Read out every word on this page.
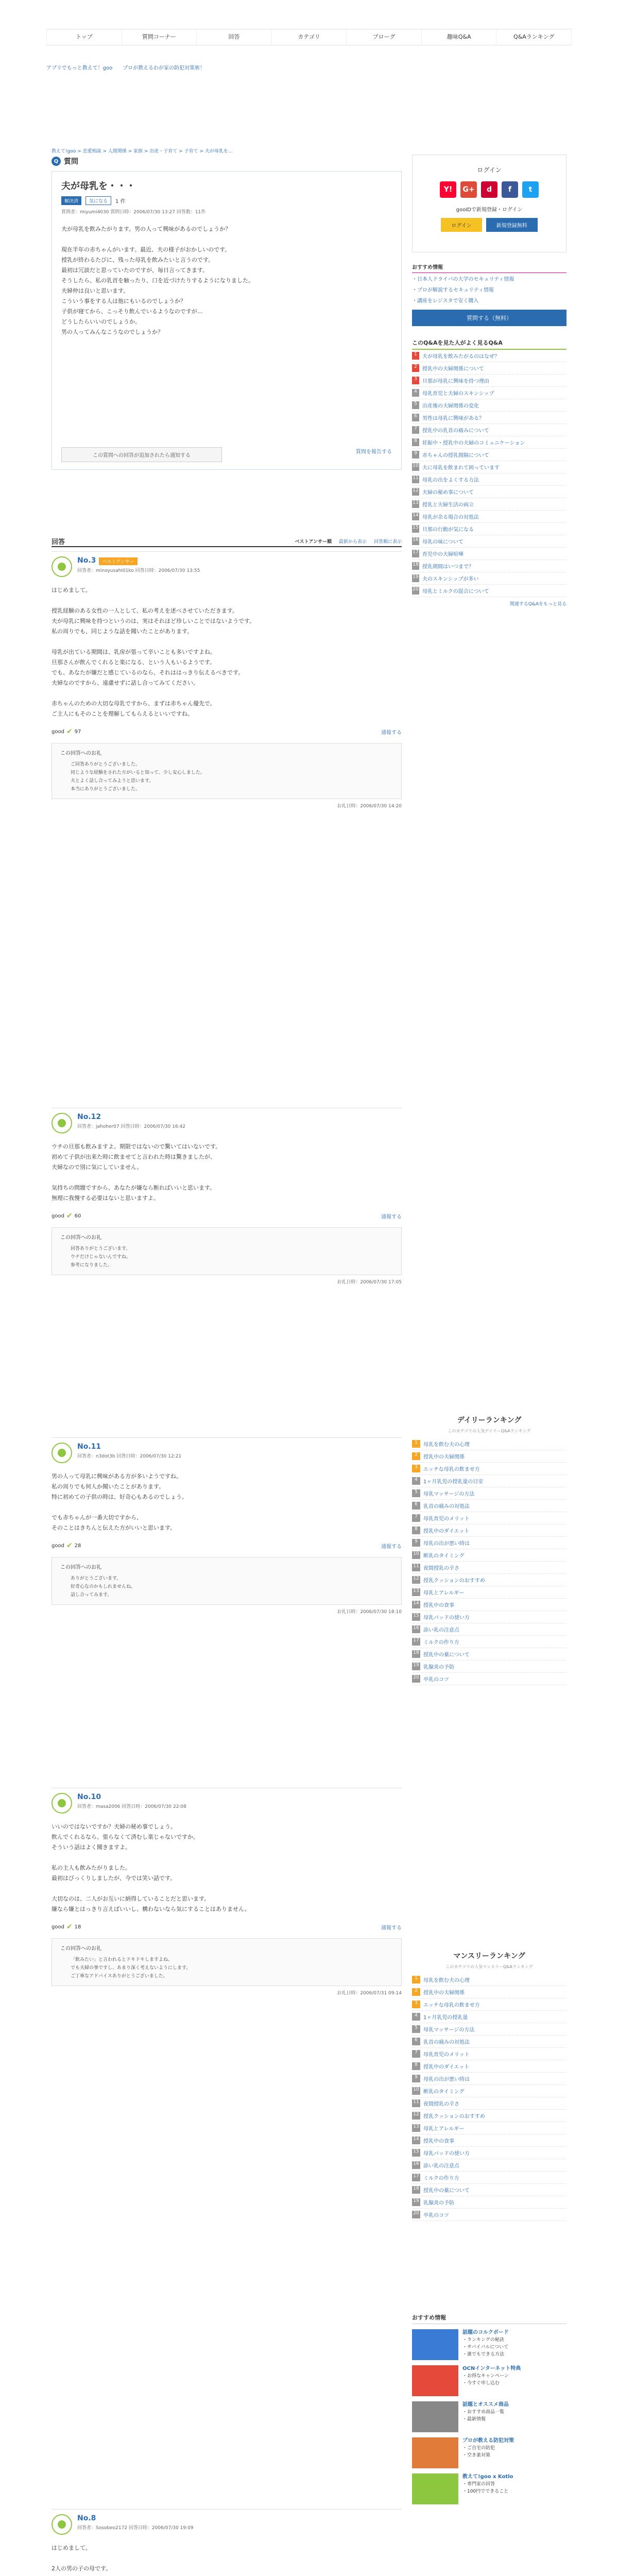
トップ	質問コーナー	回答	カテゴリ	ブローグ	趣味Q&A	Q&Aランキング
アプリでもっと教えて！goo プロが教えるわが家の防犯対策術！
教えて!goo > 恋愛相談 > 人間関係 > 家族 > 出産・子育て > 子育て > 夫が母乳を…
Q 質問
夫が母乳を・・・
解決済	気になる	1 件
質問者：miyumi4030 質問日時：2006/07/30 13:27 回答数：11件
夫が母乳を飲みたがります。男の人って興味があるのでしょうか？

現在半年の赤ちゃんがいます。最近、夫の様子がおかしいのです。
授乳が終わるたびに、残った母乳を飲みたいと言うのです。
最初は冗談だと思っていたのですが、毎日言ってきます。
そうしたら、私の乳首を触ったり、口を近づけたりするようになりました。
夫婦仲は良いと思います。
こういう事をする人は他にもいるのでしょうか？
子供が寝てから、こっそり飲んでいるようなのですが…
どうしたらいいのでしょうか。
男の人ってみんなこうなのでしょうか？
この質問への回答が追加されたら通知する
質問を報告する
回答	ベストアンサー順 最新から表示 回答順に表示
No.3 ベストアンサー
回答者：minoyusahi01ko 回答日時：2006/07/30 13:55
はじめまして。

授乳経験のある女性の一人として、私の考えを述べさせていただきます。
夫が母乳に興味を持つというのは、実はそれほど珍しいことではないようです。
私の周りでも、同じような話を聞いたことがあります。

母乳が出ている期間は、乳房が張って辛いことも多いですよね。
旦那さんが飲んでくれると楽になる、という人もいるようです。
でも、あなたが嫌だと感じているのなら、それははっきり伝えるべきです。
夫婦なのですから、遠慮せずに話し合ってみてください。

赤ちゃんのための大切な母乳ですから、まずは赤ちゃん優先で。
ご主人にもそのことを理解してもらえるといいですね。
good ✔ 97	通報する
この回答へのお礼
ご回答ありがとうございました。
同じような経験をされた方がいると知って、少し安心しました。
夫とよく話し合ってみようと思います。
本当にありがとうございました。
お礼日時：2006/07/30 14:20
No.12
回答者：jahoher07 回答日時：2006/07/30 16:42
ウチの旦那も飲みますよ。期限ではないので驚いてはいないです。
初めて子供が出来た時に飲ませてと言われた時は驚きましたが、
夫婦なので別に気にしていません。

気持ちの問題ですから、あなたが嫌なら断ればいいと思います。
無理に我慢する必要はないと思いますよ。
good ✔ 60	通報する
この回答へのお礼
回答ありがとうございます。
ウチだけじゃないんですね。
参考になりました。
お礼日時：2006/07/30 17:05
No.11
回答者：n3dot3b 回答日時：2006/07/30 12:21
男の人って母乳に興味がある方が多いようですね。
私の周りでも何人か聞いたことがあります。
特に初めての子供の時は、好奇心もあるのでしょう。

でも赤ちゃんが一番大切ですから、
そのことはきちんと伝えた方がいいと思います。
good ✔ 28	通報する
この回答へのお礼
ありがとうございます。
好奇心なのかもしれませんね。
話し合ってみます。
お礼日時：2006/07/30 18:10
No.10
回答者：masa2006 回答日時：2006/07/30 22:08
いいのではないですか？夫婦の秘め事でしょう。
飲んでくれるなら、張らなくて済むし楽じゃないですか。
そういう話はよく聞きますよ。

私の主人も飲みたがりました。
最初はびっくりしましたが、今では笑い話です。

大切なのは、二人がお互いに納得していることだと思います。
嫌なら嫌とはっきり言えばいいし、構わないなら気にすることはありません。
good ✔ 18	通報する
この回答へのお礼
「飲みたい」と言われるとドキドキしますよね。
でも夫婦の事ですし、あまり深く考えないようにします。
ご丁寧なアドバイスありがとうございました。
お礼日時：2006/07/31 09:14
No.8
回答者：Sosobeo2172 回答日時：2006/07/30 19:09
はじめまして。

2人の男の子の母です。

ログイン
Y!	G+	d	f	t
gooIDで新規登録・ログイン
ログイン	新規登録無料
おすすめ情報
・日本人ドライバの大学のセキュリティ情報
・プロが解説するセキュリティ情報
・講座をレジスタで安く購入
質問する（無料）
このQ&Aを見た人がよく見るQ&A
1	夫が母乳を飲みたがるのはなぜ？
2	授乳中の夫婦関係について
3	旦那が母乳に興味を持つ理由
4	母乳育児と夫婦のスキンシップ
5	出産後の夫婦関係の変化
6	男性は母乳に興味がある？
7	授乳中の乳首の痛みについて
8	妊娠中・授乳中の夫婦のコミュニケーション
9	赤ちゃんの授乳間隔について
10 夫に母乳を飲まれて困っています
11 母乳の出をよくする方法
12 夫婦の秘め事について
13 授乳と夫婦生活の両立
14 母乳が余る場合の対処法
15 旦那の行動が気になる
16 母乳の味について
17 育児中の夫婦喧嘩
18 授乳期間はいつまで？
19 夫のスキンシップが多い
20 母乳とミルクの混合について
関連するQ&Aをもっと見る
デイリーランキング
このカテゴリの人気デイリーQ&Aランキング
1	母乳を飲む夫の心理
2	授乳中の夫婦関係
3	エッチな母乳の飲ませ方
4	1ヶ月乳児の授乳量の目安
5	母乳マッサージの方法
6	乳首の痛みの対処法
7	母乳育児のメリット
8	授乳中のダイエット
9	母乳の出が悪い時は
10 断乳のタイミング
11 夜間授乳の辛さ
12 授乳クッションのおすすめ
13 母乳とアレルギー
14 授乳中の食事
15 母乳パッドの使い方
16 添い乳の注意点
17 ミルクの作り方
18 授乳中の薬について
19 乳腺炎の予防
20 卒乳のコツ
マンスリーランキング
このカテゴリの人気マンスリーQ&Aランキング
1	母乳を飲む夫の心理
2	授乳中の夫婦関係
3	エッチな母乳の飲ませ方
4	1ヶ月乳児の授乳量
5	母乳マッサージの方法
6	乳首の痛みの対処法
7	母乳育児のメリット
8	授乳中のダイエット
9	母乳の出が悪い時は
10 断乳のタイミング
11 夜間授乳の辛さ
12 授乳クッションのおすすめ
13 母乳とアレルギー
14 授乳中の食事
15 母乳パッドの使い方
16 添い乳の注意点
17 ミルクの作り方
18 授乳中の薬について
19 乳腺炎の予防
20 卒乳のコツ
おすすめ情報
話題のコルクボード
・ランキングの秘訣
・サバイバルについて
・誰でもできる方法
OCNインターネット特典
・お得なキャンペーン
・今すぐ申し込む
話題とオススメ商品
・おすすめ商品一覧
・最新情報
プロが教える防犯対策
・ご自宅の防犯
・空き巣対策
教えて!goo x Kotlo
・専門家の回答
・100円でできること
